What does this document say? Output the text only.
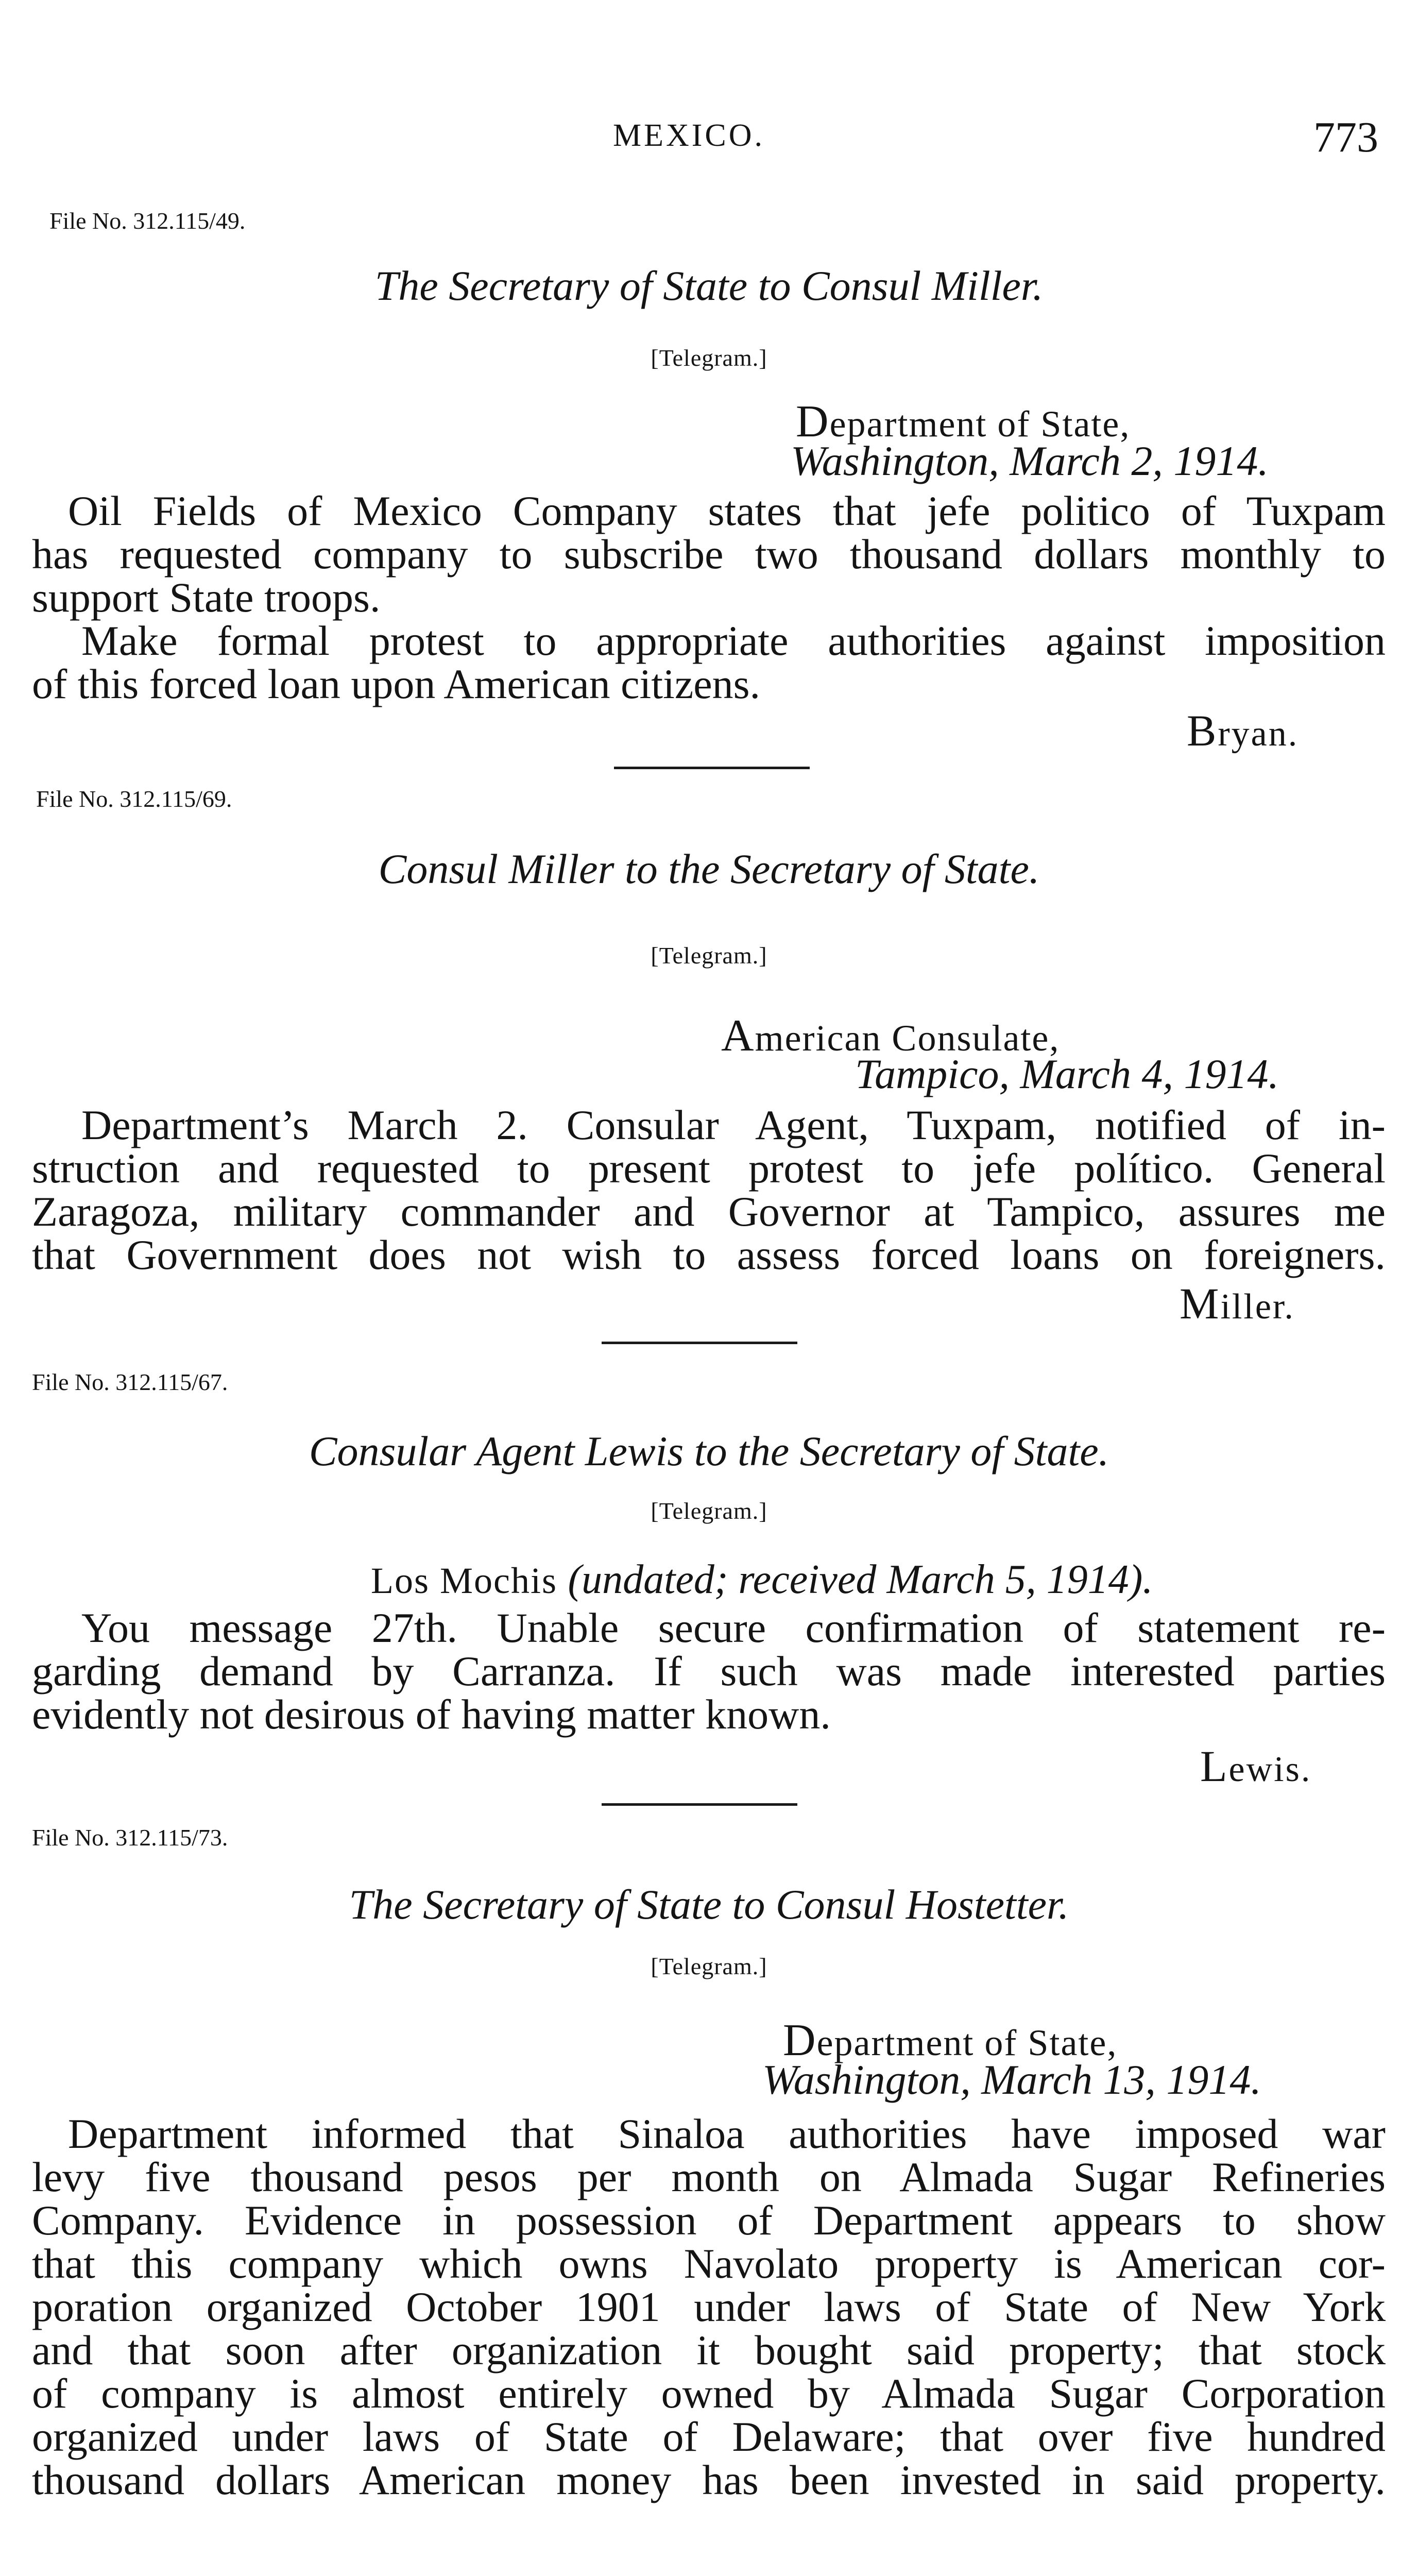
MEXICO.	773
File No. 312.115/49.
The Secretary of State to Consul Miller.
[Telegram.]
Department of State,
Washington, March 2, 1914.
Oil Fields of Mexico Company states that jefe politico of Tuxpam
has requested company to subscribe two thousand dollars monthly to
support State troops.
Make formal protest to appropriate authorities against imposition
of this forced loan upon American citizens.
Bryan.
File No. 312.115/69.
Consul Miller to the Secretary of State.
[Telegram.]
American Consulate,
Tampico, March 4, 1914.
Department’s March 2. Consular Agent, Tuxpam, notified of in-
struction and requested to present protest to jefe político. General
Zaragoza, military commander and Governor at Tampico, assures me
that Government does not wish to assess forced loans on foreigners.
Miller.
File No. 312.115/67.
Consular Agent Lewis to the Secretary of State.
[Telegram.]
Los Mochis (undated; received March 5, 1914).
You message 27th. Unable secure confirmation of statement re-
garding demand by Carranza. If such was made interested parties
evidently not desirous of having matter known.
Lewis.
File No. 312.115/73.
The Secretary of State to Consul Hostetter.
[Telegram.]
Department of State,
Washington, March 13, 1914.
Department informed that Sinaloa authorities have imposed war
levy five thousand pesos per month on Almada Sugar Refineries
Company. Evidence in possession of Department appears to show
that this company which owns Navolato property is American cor-
poration organized October 1901 under laws of State of New York
and that soon after organization it bought said property; that stock
of company is almost entirely owned by Almada Sugar Corporation
organized under laws of State of Delaware; that over five hundred
thousand dollars American money has been invested in said property.
